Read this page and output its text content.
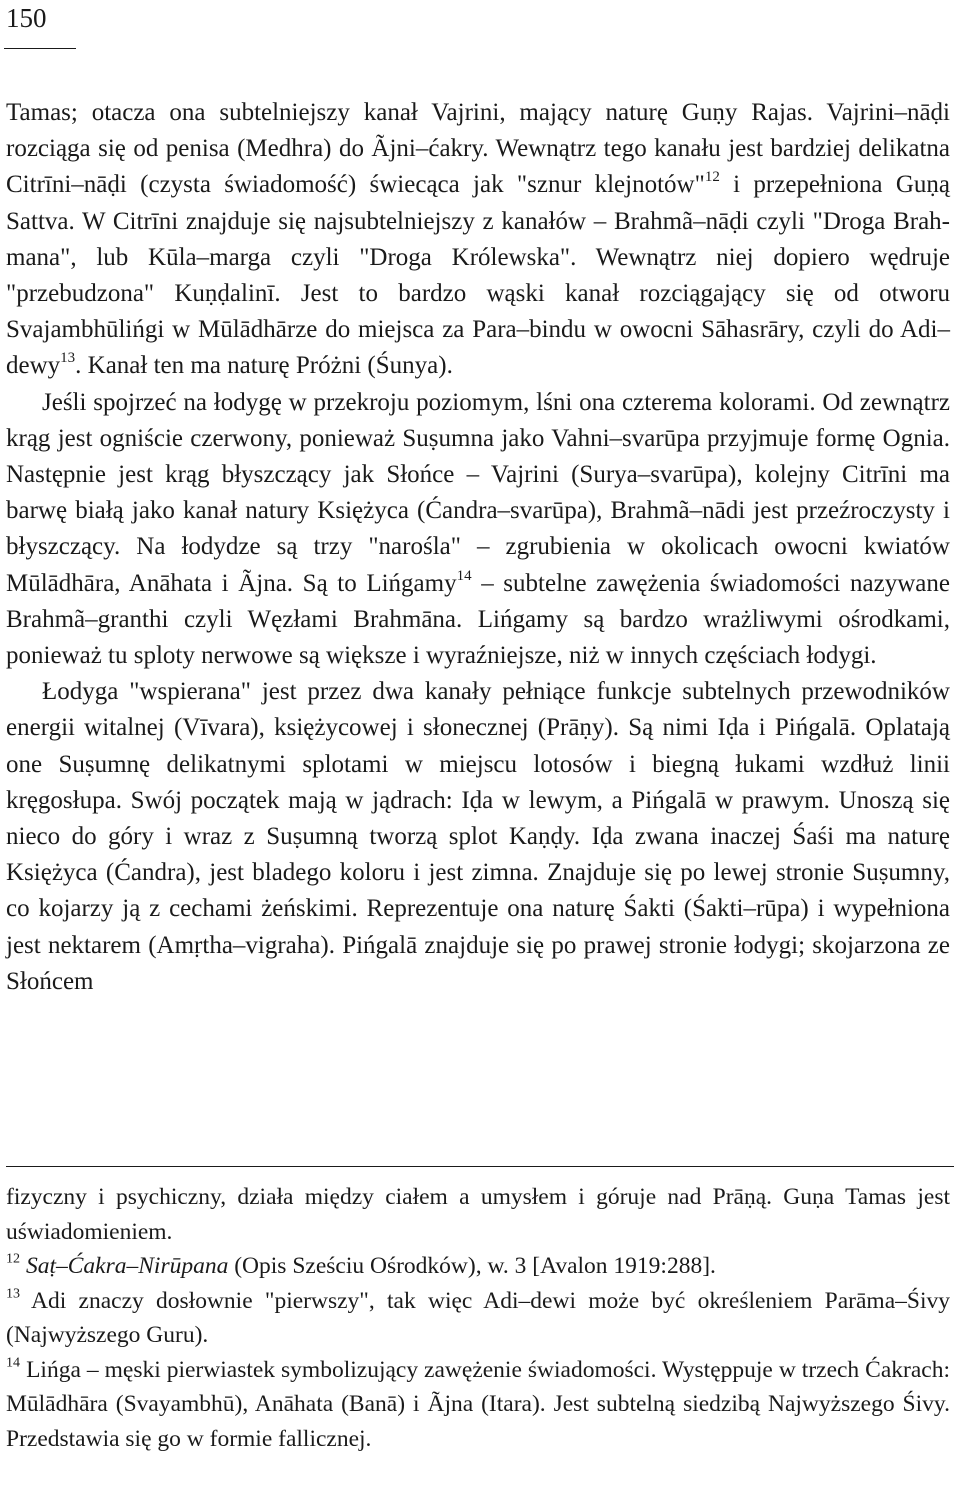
150

Tamas; otacza ona subtelniejszy kanał Vajrini, mający naturę Guṇy Rajas. Vajrini–nāḍi rozciąga się od penisa (Medhra) do Ãjni–ćakry. Wewnątrz tego kanału jest bardziej delikatna Citrīni–nāḍi (czysta świadomość) świecąca jak "sznur klejnotów"$^{12}$ i przepełniona Guṇą Sattva. W Citrīni znajduje się najsubtelniejszy z kanałów – Brahmã–nāḍi czyli "Droga Brahmana", lub Kūla–marga czyli "Droga Królewska". Wewnątrz niej dopiero wędruje "przebudzona" Kuṇḍalinī. Jest to bardzo wąski kanał rozciągający się od otworu Svajambhūlińgi w Mūlādhārze do miejsca za Para–bindu w owocni Sāhasrāry, czyli do Adi–dewy$^{13}$. Kanał ten ma naturę Próżni (Śunya).

Jeśli spojrzeć na łodygę w przekroju poziomym, lśni ona czterema kolorami. Od zewnątrz krąg jest ogniście czerwony, ponieważ Suṣumna jako Vahni–svarūpa przyjmuje formę Ognia. Następnie jest krąg błyszczący jak Słońce – Vajrini (Surya–svarūpa), kolejny Citrīni ma barwę białą jako kanał natury Księżyca (Ćandra–svarūpa), Brahmã–nādi jest przeźroczysty i błyszczący. Na łodydze są trzy "narośla" – zgrubienia w okolicach owocni kwiatów Mūlādhāra, Anāhata i Ãjna. Są to Lińgamy$^{14}$ – subtelne zawężenia świadomości nazywane Brahmã–granthi czyli Węzłami Brahmāna. Lińgamy są bardzo wrażliwymi ośrodkami, ponieważ tu sploty nerwowe są większe i wyraźniejsze, niż w innych częściach łodygi.

Łodyga "wspierana" jest przez dwa kanały pełniące funkcje subtelnych przewodników energii witalnej (Vīvara), księżycowej i słonecznej (Prāṇy). Są nimi Iḍa i Pińgalā. Oplatają one Suṣumnę delikatnymi splotami w miejscu lotosów i biegną łukami wzdłuż linii kręgosłupa. Swój początek mają w jądrach: Iḍa w lewym, a Pińgalā w prawym. Unoszą się nieco do góry i wraz z Suṣumną tworzą splot Kaṇḍy. Iḍa zwana inaczej Śaśi ma naturę Księżyca (Ćandra), jest bladego koloru i jest zimna. Znajduje się po lewej stronie Suṣumny, co kojarzy ją z cechami żeńskimi. Reprezentuje ona naturę Śakti (Śakti–rūpa) i wypełniona jest nektarem (Amṛtha–vigraha). Pińgalā znajduje się po prawej stronie łodygi; skojarzona ze Słońcem

fizyczny i psychiczny, działa między ciałem a umysłem i góruje nad Prāṇą. Guṇa Tamas jest uświadomieniem.

$^{12}$ Saṭ–Ćakra–Nirūpana (Opis Sześciu Ośrodków), w. 3 [Avalon 1919:288].

$^{13}$ Adi znaczy dosłownie "pierwszy", tak więc Adi–dewi może być określeniem Parāma–Śivy (Najwyższego Guru).

$^{14}$ Lińga – męski pierwiastek symbolizujący zawężenie świadomości. Występpuje w trzech Ćakrach: Mūlādhāra (Svayambhū), Anāhata (Banā) i Ãjna (Itara). Jest subtelną siedzibą Najwyższego Śivy. Przedstawia się go w formie fallicznej.
